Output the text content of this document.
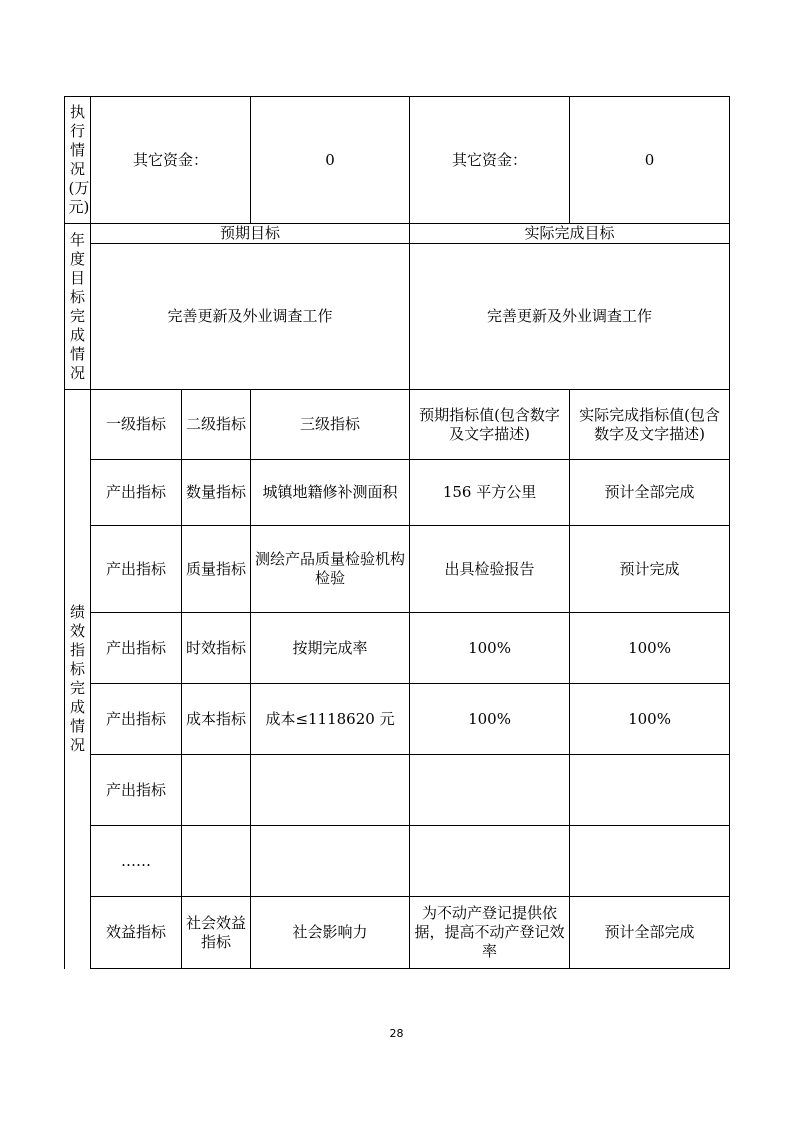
执行情况(万元)	其它资金：		0	其它资金：	0
年度目标完成情况	预期目标			实际完成目标	
	完善更新及外业调查工作			完善更新及外业调查工作	
绩效指标完成情况	一级指标	二级指标	三级指标	预期指标值(包含数字及文字描述)	实际完成指标值(包含数字及文字描述)
	产出指标	数量指标	城镇地籍修补测面积	156 平方公里	预计全部完成
	产出指标	质量指标	测绘产品质量检验机构检验	出具检验报告	预计完成
	产出指标	时效指标	按期完成率	100%	100%
	产出指标	成本指标	成本≤1118620 元	100%	100%
	产出指标				
	……				
	效益指标	社会效益指标	社会影响力	为不动产登记提供依据，提高不动产登记效率	预计全部完成
28
